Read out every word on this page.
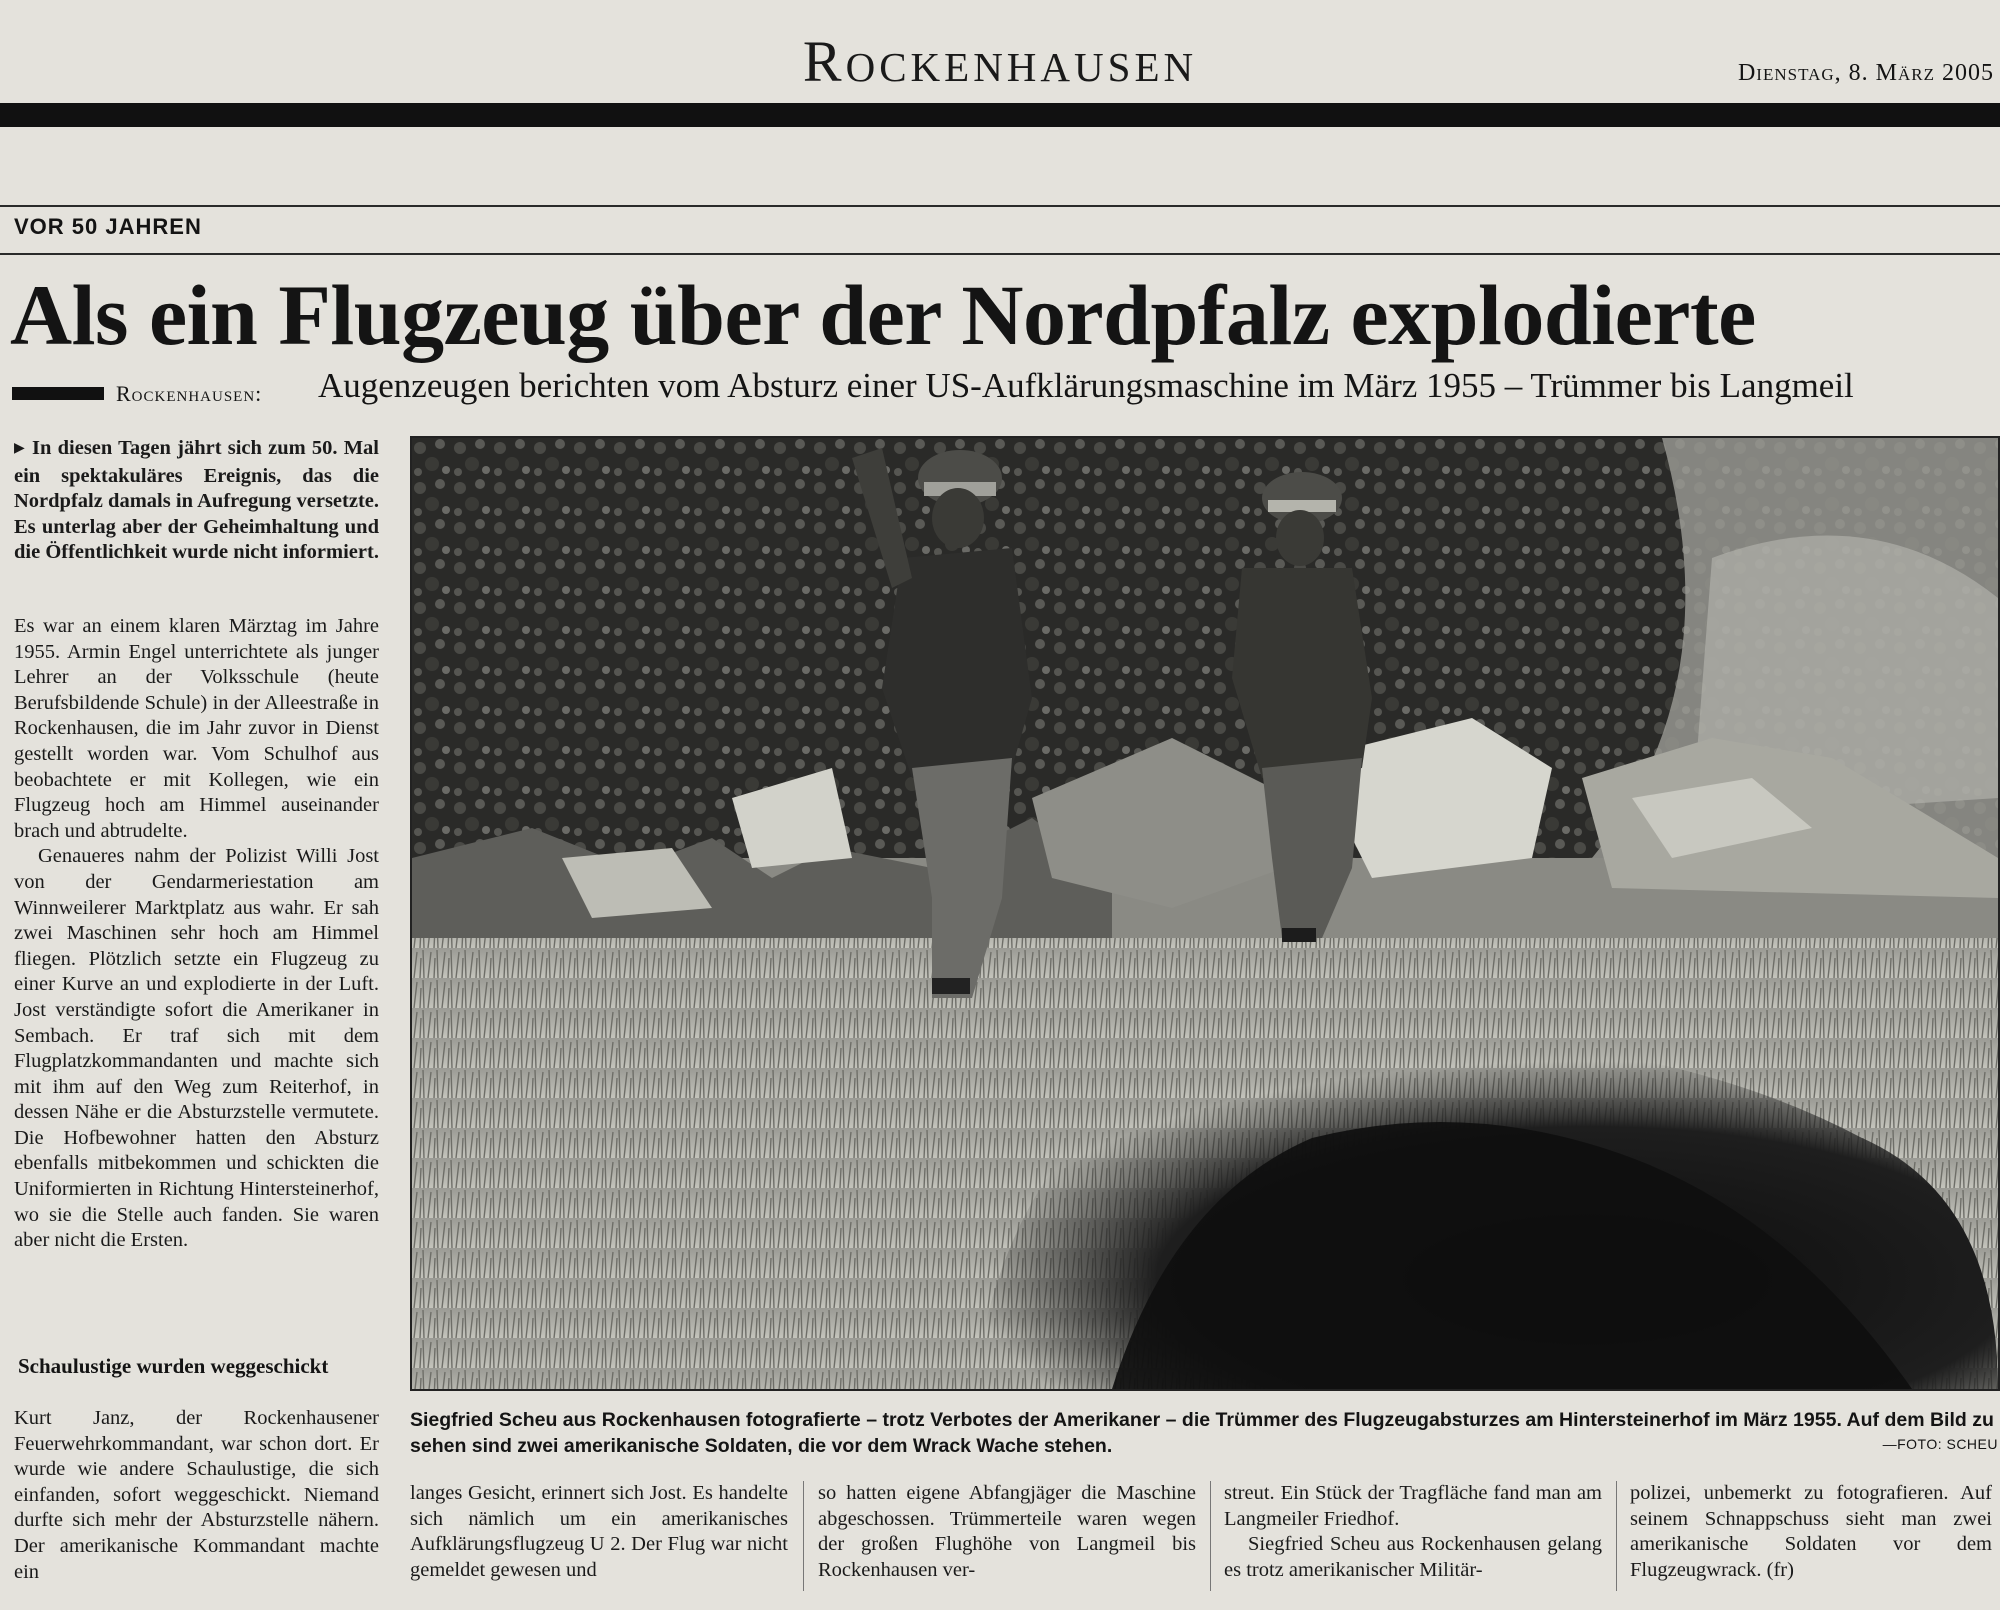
Rockenhausen	Dienstag, 8. März 2005
VOR 50 JAHREN
Als ein Flugzeug über der Nordpfalz explodierte
Rockenhausen: Augenzeugen berichten vom Absturz einer US-Aufklärungsmaschine im März 1955 – Trümmer bis Langmeil
▶ In diesen Tagen jährt sich zum 50. Mal ein spektakuläres Ereignis, das die Nordpfalz damals in Aufregung versetzte. Es unterlag aber der Geheimhaltung und die Öffentlichkeit wurde nicht informiert.

Es war an einem klaren Märztag im Jahre 1955. Armin Engel unterrichtete als junger Lehrer an der Volksschule (heute Berufsbildende Schule) in der Alleestraße in Rockenhausen, die im Jahr zuvor in Dienst gestellt worden war. Vom Schulhof aus beobachtete er mit Kollegen, wie ein Flugzeug hoch am Himmel auseinander brach und abtrudelte.

Genaueres nahm der Polizist Willi Jost von der Gendarmeriestation am Winnweilerer Marktplatz aus wahr. Er sah zwei Maschinen sehr hoch am Himmel fliegen. Plötzlich setzte ein Flugzeug zu einer Kurve an und explodierte in der Luft. Jost verständigte sofort die Amerikaner in Sembach. Er traf sich mit dem Flugplatzkommandanten und machte sich mit ihm auf den Weg zum Reiterhof, in dessen Nähe er die Absturzstelle vermutete. Die Hofbewohner hatten den Absturz ebenfalls mitbekommen und schickten die Uniformierten in Richtung Hintersteinerhof, wo sie die Stelle auch fanden. Sie waren aber nicht die Ersten.

Schaulustige wurden weggeschickt

Kurt Janz, der Rockenhausener Feuerwehrkommandant, war schon dort. Er wurde wie andere Schaulustige, die sich einfanden, sofort weggeschickt. Niemand durfte sich mehr der Absturzstelle nähern. Der amerikanische Kommandant machte ein

Siegfried Scheu aus Rockenhausen fotografierte – trotz Verbotes der Amerikaner – die Trümmer des Flugzeugabsturzes am Hintersteinerhof im März 1955. Auf dem Bild zu sehen sind zwei amerikanische Soldaten, die vor dem Wrack Wache stehen.	—FOTO: SCHEU

langes Gesicht, erinnert sich Jost. Es handelte sich nämlich um ein amerikanisches Aufklärungsflugzeug U 2. Der Flug war nicht gemeldet gewesen und

so hatten eigene Abfangjäger die Maschine abgeschossen. Trümmerteile waren wegen der großen Flughöhe von Langmeil bis Rockenhausen ver-

streut. Ein Stück der Tragfläche fand man am Langmeiler Friedhof.

Siegfried Scheu aus Rockenhausen gelang es trotz amerikanischer Militär-

polizei, unbemerkt zu fotografieren. Auf seinem Schnappschuss sieht man zwei amerikanische Soldaten vor dem Flugzeugwrack. (fr)
